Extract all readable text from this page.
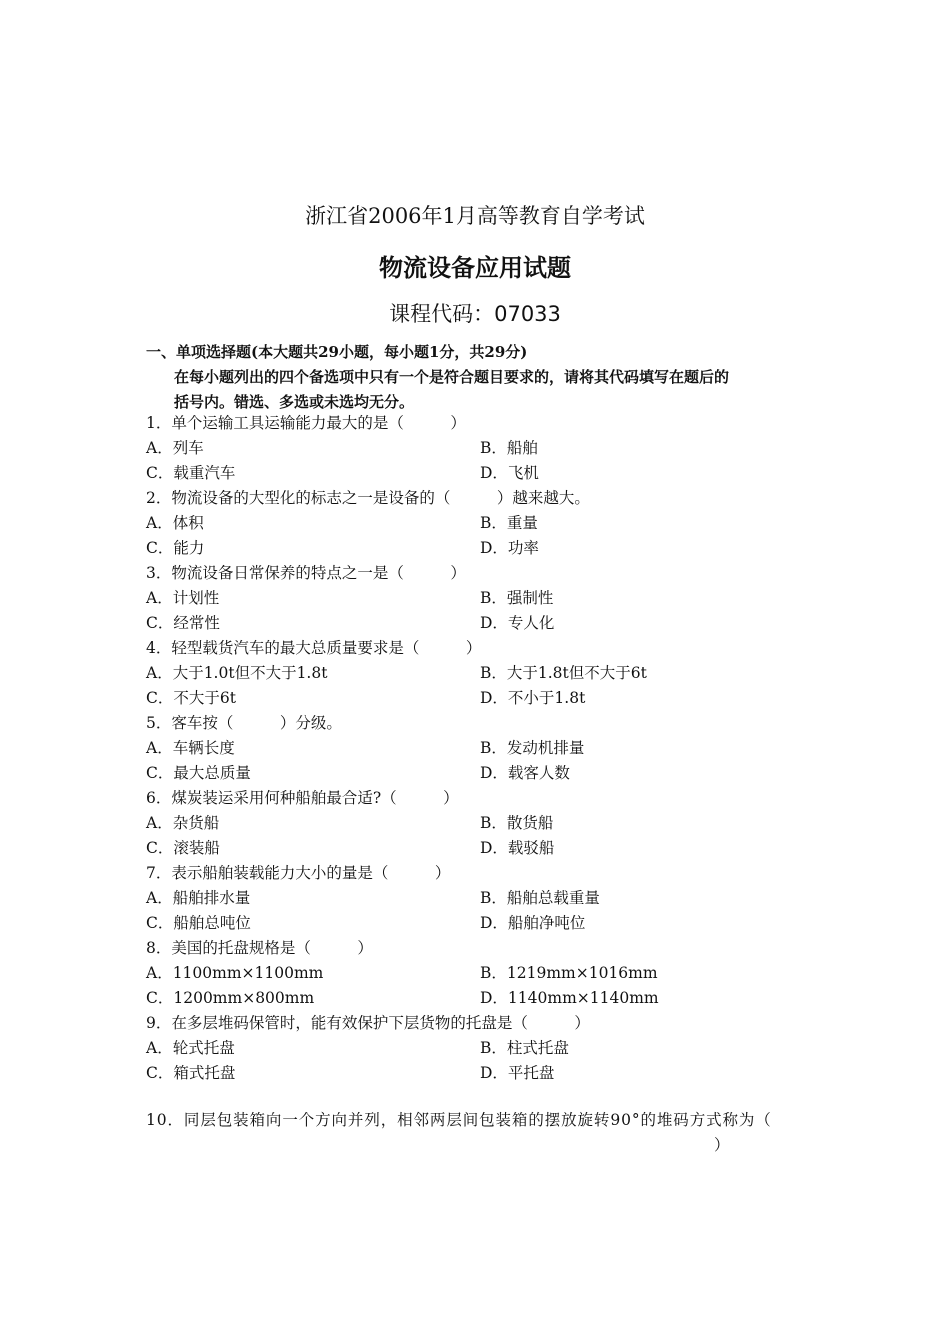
浙江省2006年1月高等教育自学考试
物流设备应用试题
课程代码：07033
一、单项选择题(本大题共29小题，每小题1分，共29分)
在每小题列出的四个备选项中只有一个是符合题目要求的，请将其代码填写在题后的
括号内。错选、多选或未选均无分。
1．单个运输工具运输能力最大的是（　　　）
A．列车	B．船舶
C．载重汽车	D．飞机
2．物流设备的大型化的标志之一是设备的（　　　）越来越大。
A．体积	B．重量
C．能力	D．功率
3．物流设备日常保养的特点之一是（　　　）
A．计划性	B．强制性
C．经常性	D．专人化
4．轻型载货汽车的最大总质量要求是（　　　）
A．大于1.0t但不大于1.8t	B．大于1.8t但不大于6t
C．不大于6t	D．不小于1.8t
5．客车按（　　　）分级。
A．车辆长度	B．发动机排量
C．最大总质量	D．载客人数
6．煤炭装运采用何种船舶最合适?（　　　）
A．杂货船	B．散货船
C．滚装船	D．载驳船
7．表示船舶装载能力大小的量是（　　　）
A．船舶排水量	B．船舶总载重量
C．船舶总吨位	D．船舶净吨位
8．美国的托盘规格是（　　　）
A．1100mm×1100mm	B．1219mm×1016mm
C．1200mm×800mm	D．1140mm×1140mm
9．在多层堆码保管时，能有效保护下层货物的托盘是（　　　）
A．轮式托盘	B．柱式托盘
C．箱式托盘	D．平托盘
10．同层包装箱向一个方向并列，相邻两层间包装箱的摆放旋转90°的堆码方式称为（
）
